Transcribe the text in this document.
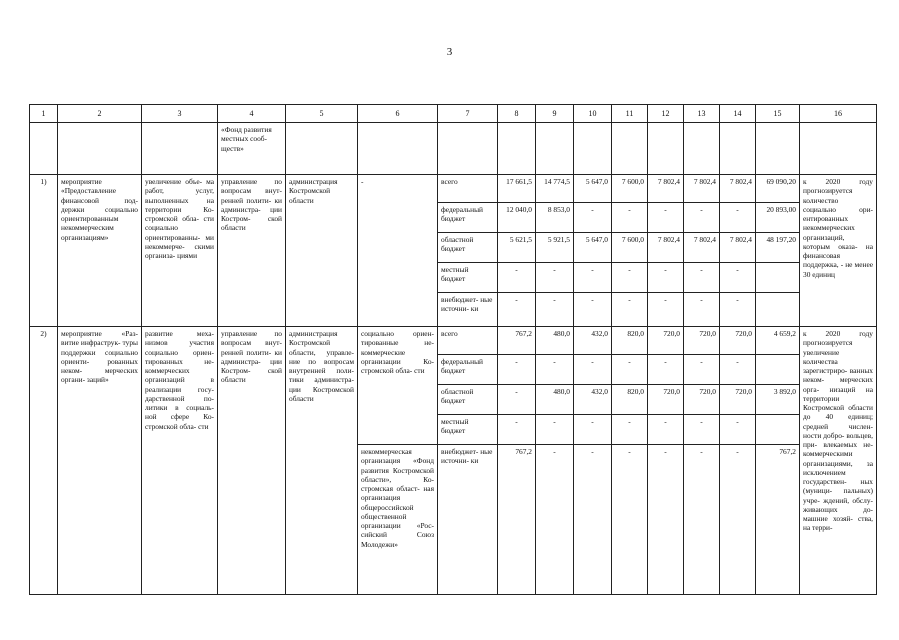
3
1	2	3	4	5	6	7	8	9	10	11	12	13	14	15	16
			«Фонд развития местных сооб- ществ»												
1)	мероприятие «Предоставление финансовой под- держки социально ориентированным некоммерческим организациям»	увеличение объе- ма работ, услуг, выполненных на территории Ко- стромской обла- сти социально ориентированны- ми некоммерче- скими организа- циями	управление по вопросам внут- ренней полити- ки администра- ции Костром- ской области	администрация Костромской области	-	всего	17 661,5	14 774,5	5 647,0	7 600,0	7 802,4	7 802,4	7 802,4	69 090,20	к 2020 году прогнозируется количество социально ори- ентированных некоммерческих организаций, которым оказа- на финансовая поддержка, - не менее 30 единиц
						федеральный бюджет	12 040,0	8 853,0	-	-	-	-	-	20 893,00	
						областной бюджет	5 621,5	5 921,5	5 647,0	7 600,0	7 802,4	7 802,4	7 802,4	48 197,20	
						местный бюджет	-	-	-	-	-	-	-		
						внебюджет- ные источни- ки	-	-	-	-	-	-	-		
2)	мероприятие «Раз- витие инфраструк- туры поддержки социально ориенти- рованных неком- мерческих органи- заций»	развитие меха- низмов участия социально ориен- тированных не- коммерческих организаций в реализации госу- дарственной по- литики в социаль- ной сфере Ко- стромской обла- сти	управление по вопросам внут- ренней полити- ки администра- ции Костром- ской области	администрация Костромской области, управле- ние по вопросам внутренней поли- тики администра- ции Костромской области	социально ориен- тированные не- коммерческие организации Ко- стромской обла- сти	всего	767,2	480,0	432,0	820,0	720,0	720,0	720,0	4 659,2	к 2020 году прогнозируется увеличение количества зарегистриро- ванных неком- мерческих орга- низаций на территории Костромской области до 40 единиц; средней числен- ности добро- вольцев, при- влекаемых не- коммерческими организациями, за исключением государствен- ных (муници- пальных) учре- ждений, обслу- живающих до- машние хозяй- ства, на терри-
						федеральный бюджет	-	-	-	-	-	-	-		
						областной бюджет	-	480,0	432,0	820,0	720,0	720,0	720,0	3 892,0	
						местный бюджет	-	-	-	-	-	-	-		
					некоммерческая организация «Фонд развития Костромской области», Ко- стромская област- ная организация общероссийской общественной организации «Рос- сийский Союз Молодежи»	внебюджет- ные источни- ки	767,2	-	-	-	-	-	-	767,2	
